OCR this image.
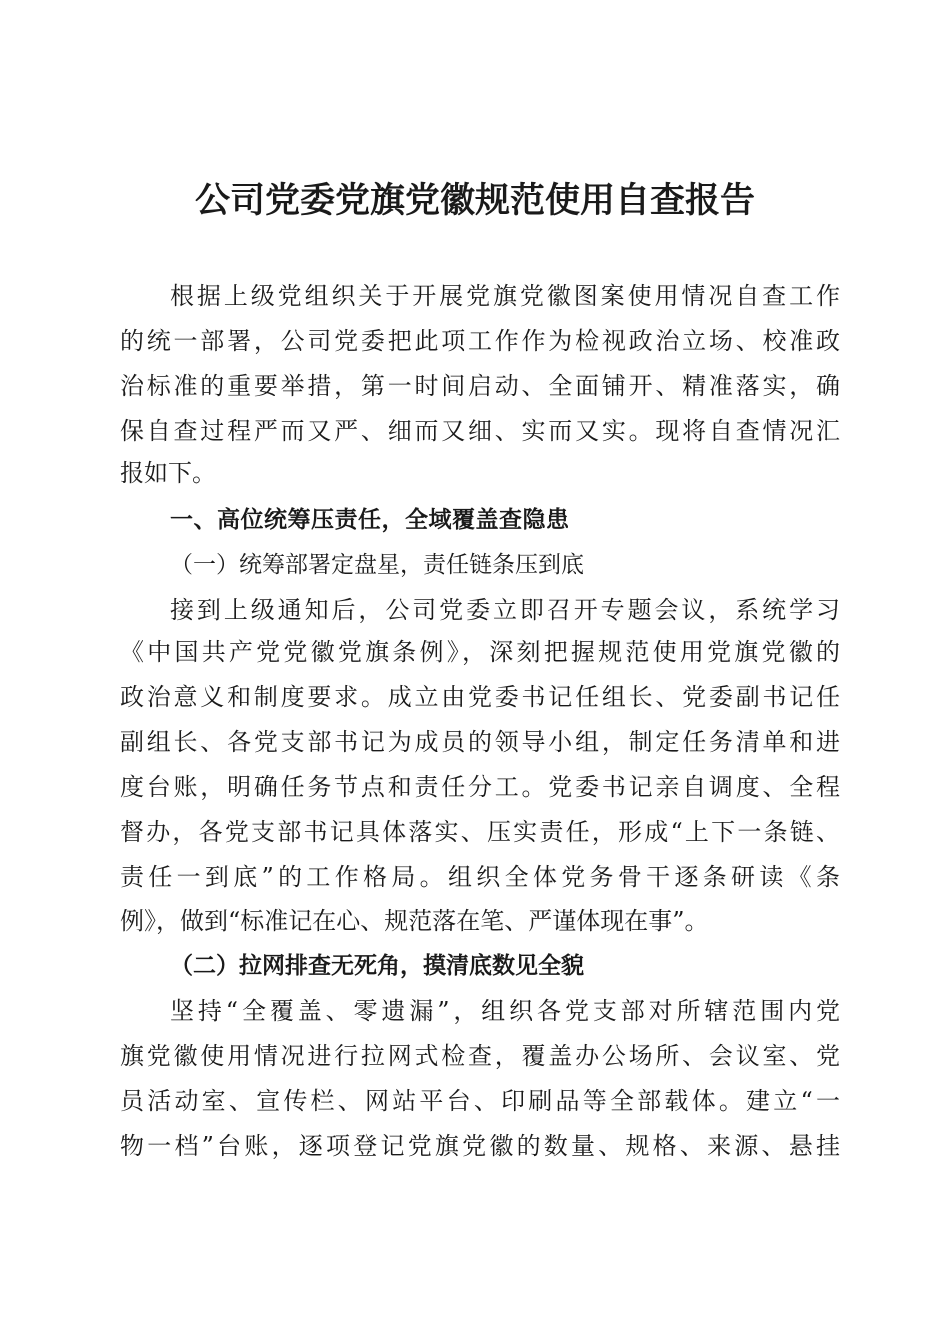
公司党委党旗党徽规范使用自查报告

根据上级党组织关于开展党旗党徽图案使用情况自查工作

的统一部署，公司党委把此项工作作为检视政治立场、校准政

治标准的重要举措，第一时间启动、全面铺开、精准落实，确

保自查过程严而又严、细而又细、实而又实。现将自查情况汇

报如下。

一、高位统筹压责任，全域覆盖查隐患

（一）统筹部署定盘星，责任链条压到底

接到上级通知后，公司党委立即召开专题会议，系统学习

《中国共产党党徽党旗条例》，深刻把握规范使用党旗党徽的

政治意义和制度要求。成立由党委书记任组长、党委副书记任

副组长、各党支部书记为成员的领导小组，制定任务清单和进

度台账，明确任务节点和责任分工。党委书记亲自调度、全程

督办，各党支部书记具体落实、压实责任，形成“上下一条链、

责任一到底”的工作格局。组织全体党务骨干逐条研读《条

例》，做到“标准记在心、规范落在笔、严谨体现在事”。

（二）拉网排查无死角，摸清底数见全貌

坚持“全覆盖、零遗漏”，组织各党支部对所辖范围内党

旗党徽使用情况进行拉网式检查，覆盖办公场所、会议室、党

员活动室、宣传栏、网站平台、印刷品等全部载体。建立“一

物一档”台账，逐项登记党旗党徽的数量、规格、来源、悬挂
